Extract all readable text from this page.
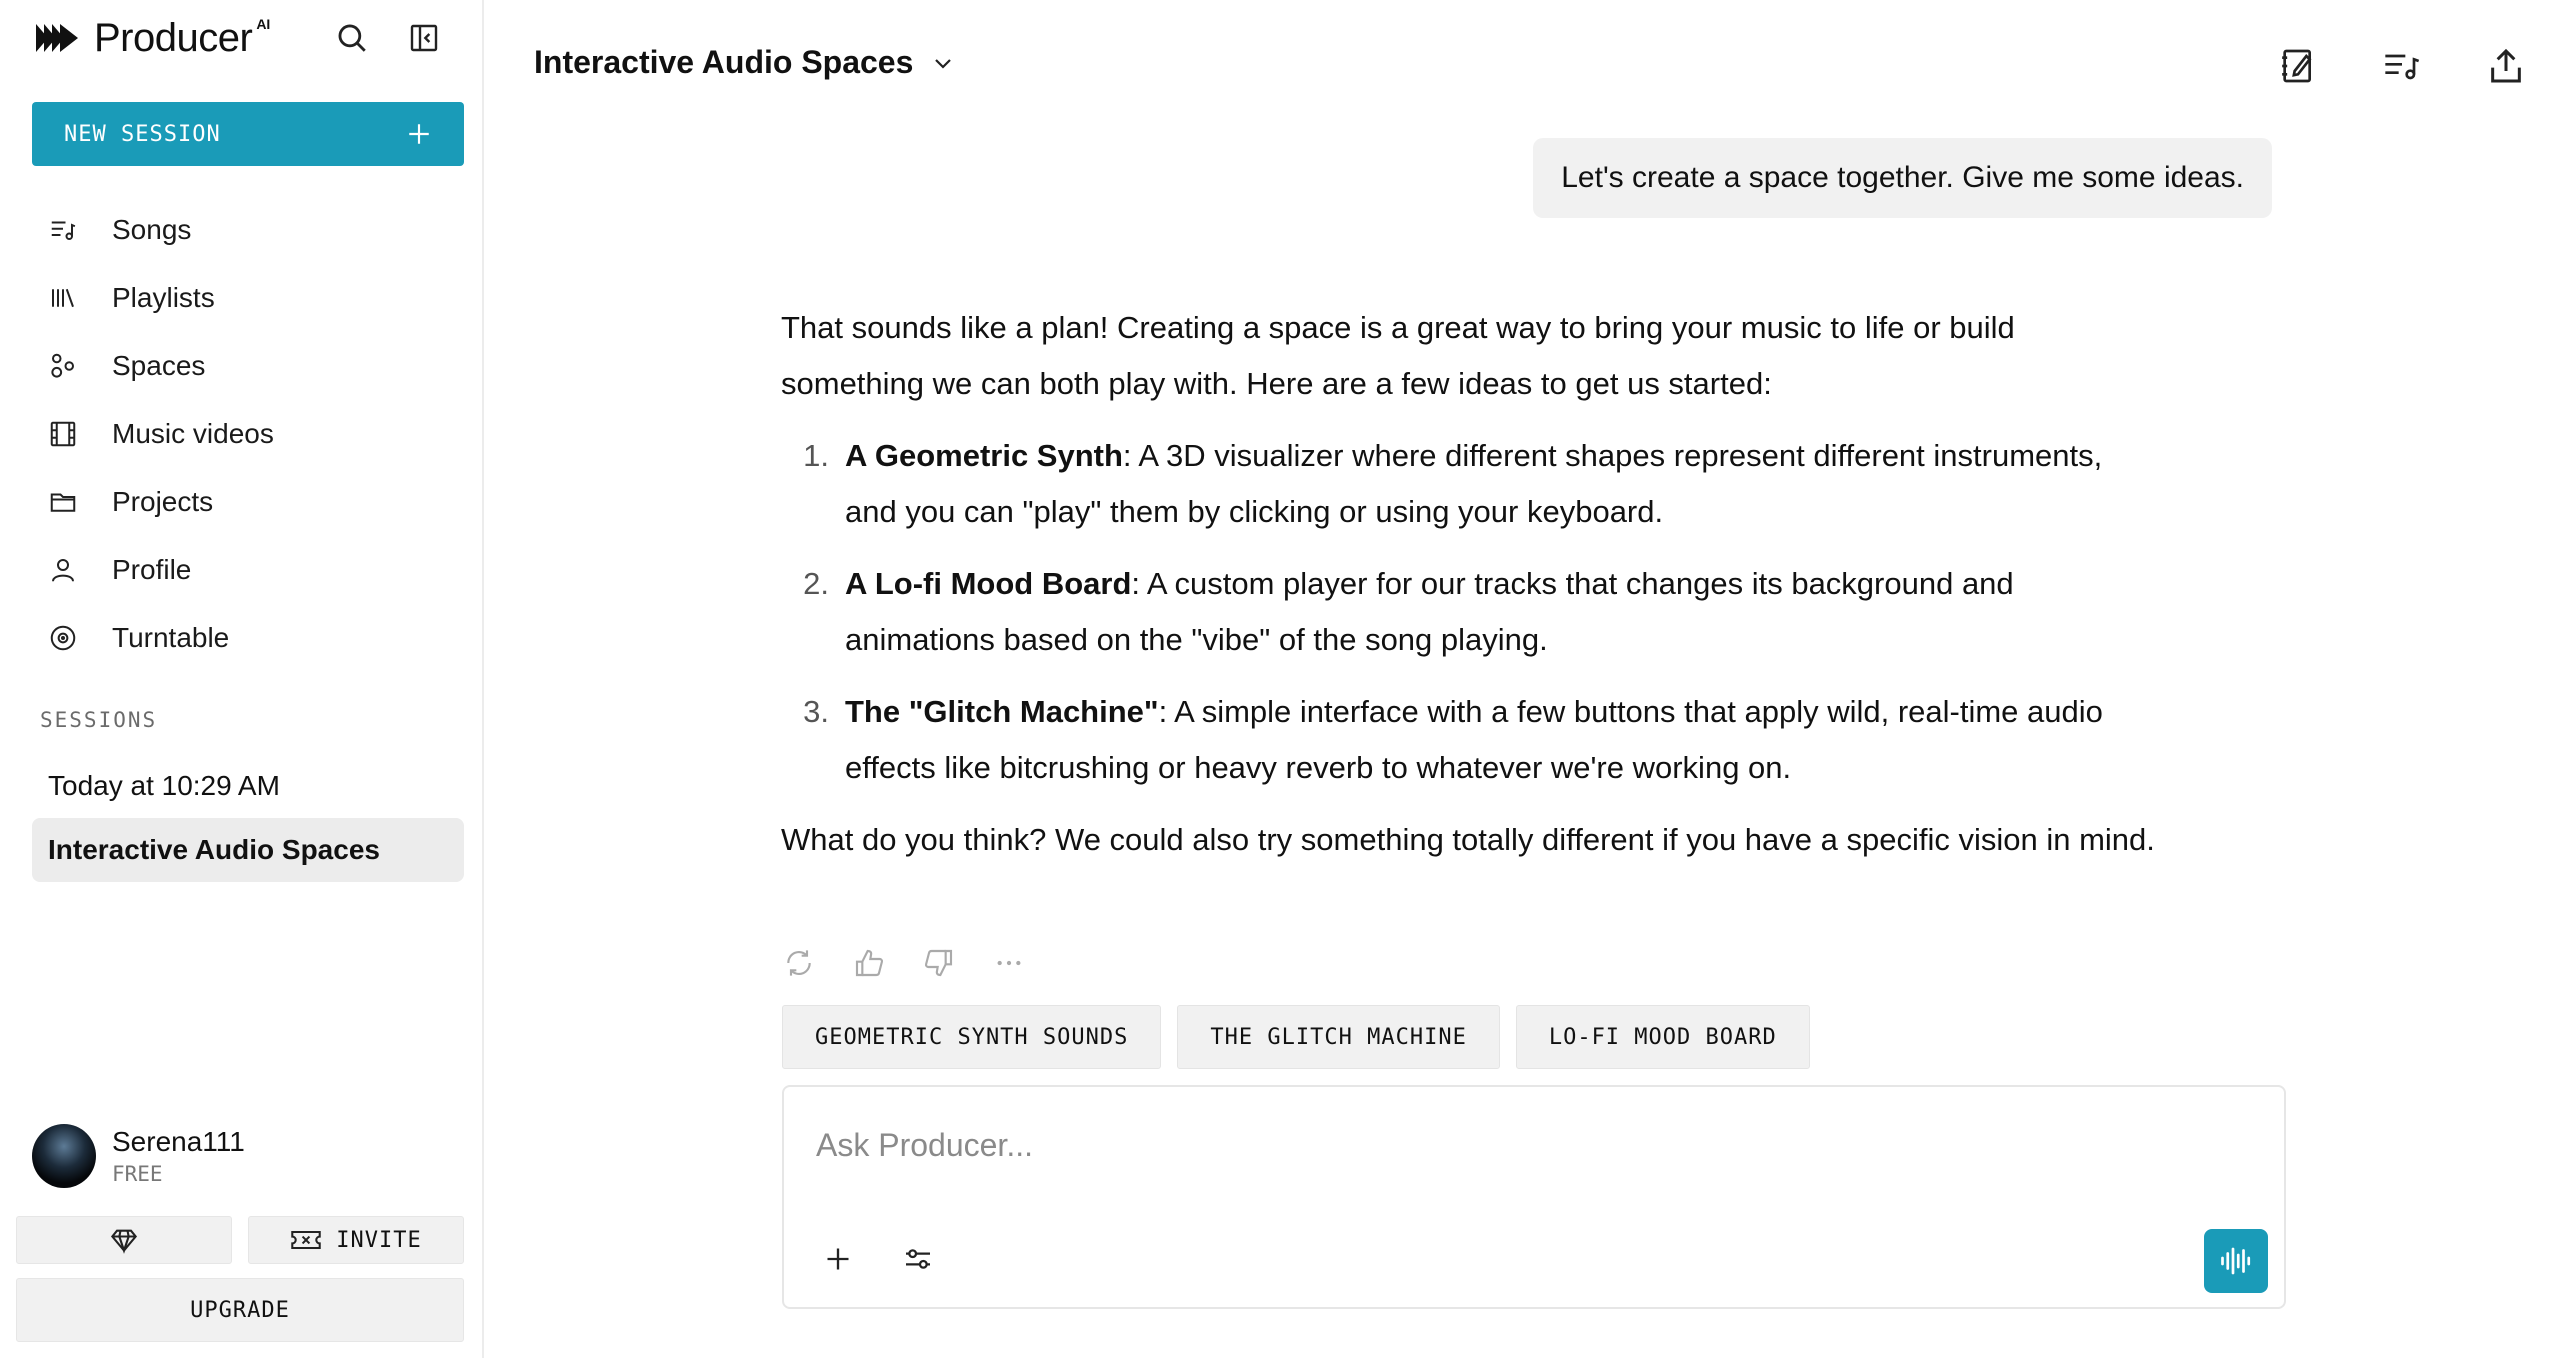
Producer AI
NEW SESSION
Songs
Playlists
Spaces
Music videos
Projects
Profile
Turntable
SESSIONS
Today at 10:29 AM
Interactive Audio Spaces
Serena111
FREE
INVITE
UPGRADE
Interactive Audio Spaces
Let's create a space together. Give me some ideas.

That sounds like a plan! Creating a space is a great way to bring your music to life or build something we can both play with. Here are a few ideas to get us started:

1. A Geometric Synth: A 3D visualizer where different shapes represent different instruments, and you can "play" them by clicking or using your keyboard.
2. A Lo-fi Mood Board: A custom player for our tracks that changes its background and animations based on the "vibe" of the song playing.
3. The "Glitch Machine": A simple interface with a few buttons that apply wild, real-time audio effects like bitcrushing or heavy reverb to whatever we're working on.

What do you think? We could also try something totally different if you have a specific vision in mind.

GEOMETRIC SYNTH SOUNDS	THE GLITCH MACHINE	LO-FI MOOD BOARD
Ask Producer...
